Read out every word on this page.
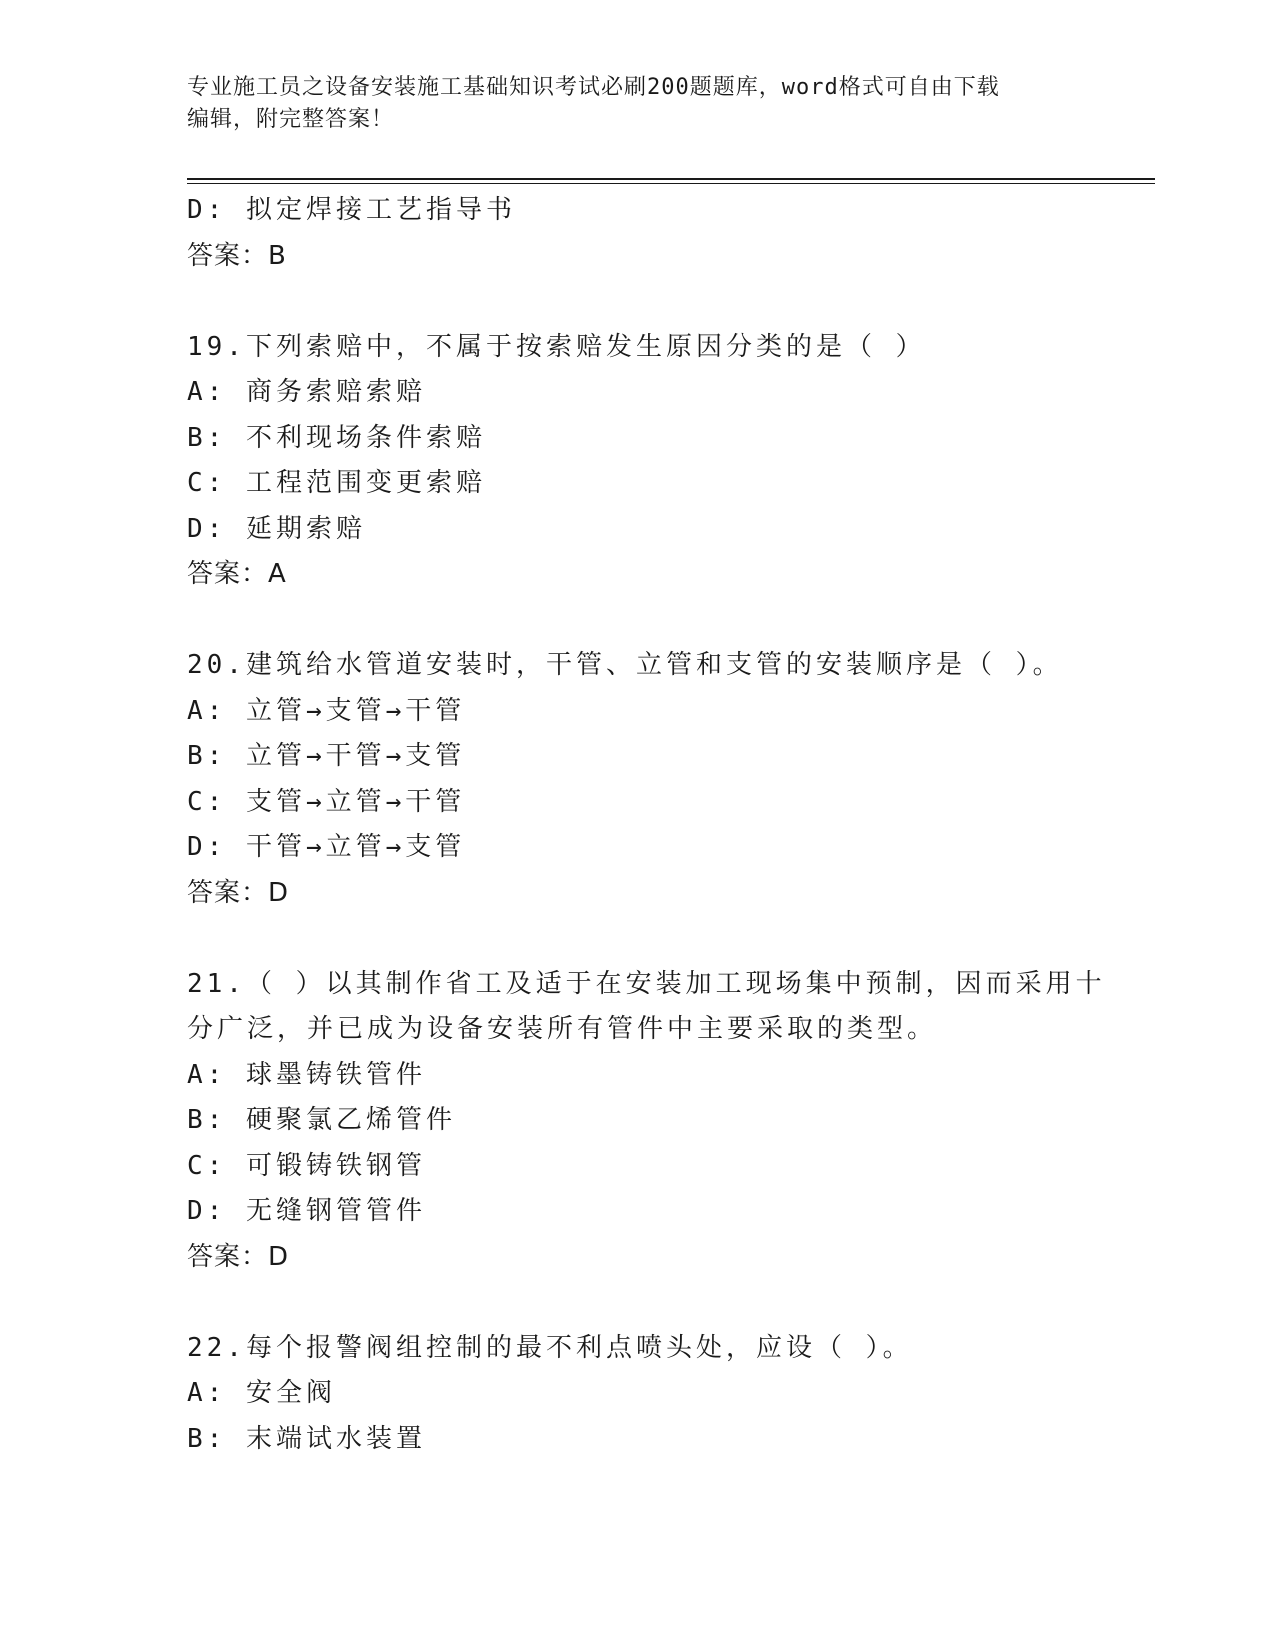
专业施工员之设备安装施工基础知识考试必刷200题题库，word格式可自由下载
编辑，附完整答案！
D: 拟定焊接工艺指导书
答案：B
19.下列索赔中，不属于按索赔发生原因分类的是（ ）
A: 商务索赔索赔
B: 不利现场条件索赔
C: 工程范围变更索赔
D: 延期索赔
答案：A
20.建筑给水管道安装时，干管、立管和支管的安装顺序是（ ）。
A: 立管→支管→干管
B: 立管→干管→支管
C: 支管→立管→干管
D: 干管→立管→支管
答案：D
21.（ ）以其制作省工及适于在安装加工现场集中预制，因而采用十
分广泛，并已成为设备安装所有管件中主要采取的类型。
A: 球墨铸铁管件
B: 硬聚氯乙烯管件
C: 可锻铸铁钢管
D: 无缝钢管管件
答案：D
22.每个报警阀组控制的最不利点喷头处，应设（ ）。
A: 安全阀
B: 末端试水装置
